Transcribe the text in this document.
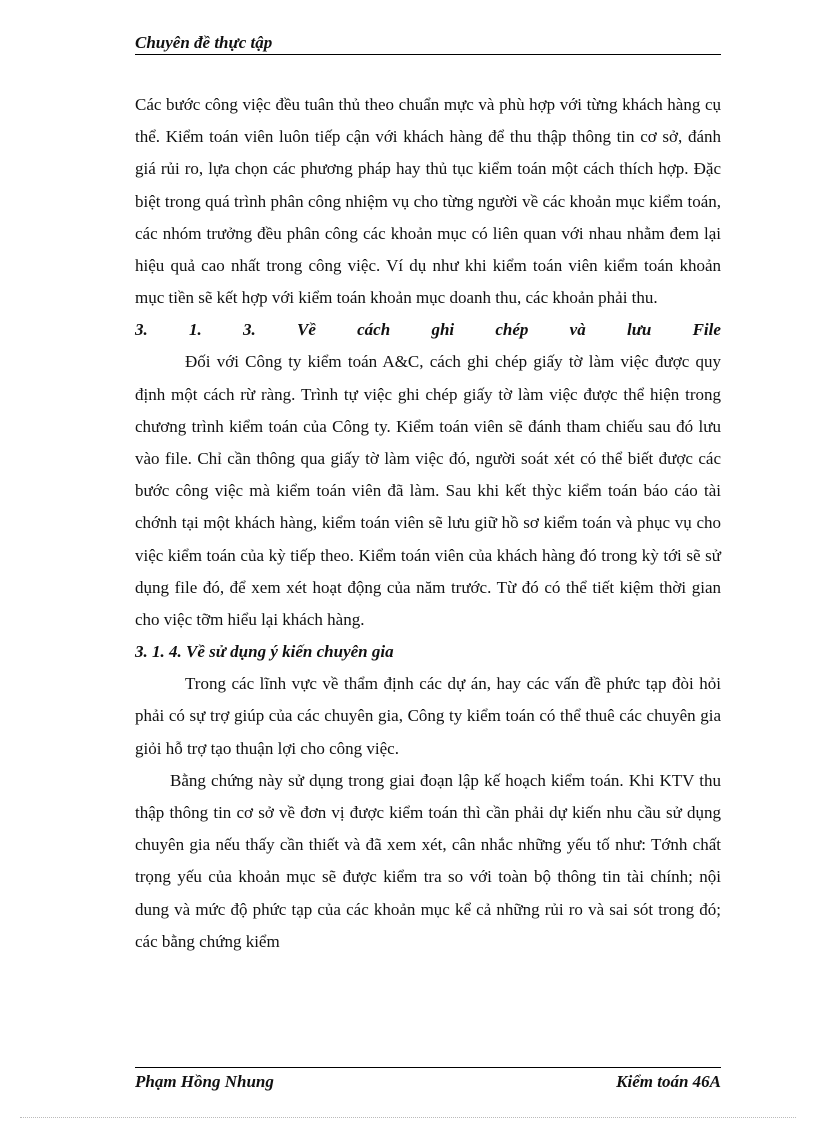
Chuyên đề thực tập

Các bước công việc đều tuân thủ theo chuẩn mực và phù hợp với từng khách hàng cụ thể. Kiểm toán viên luôn tiếp cận với khách hàng để thu thập thông tin cơ sở, đánh giá rủi ro, lựa chọn các phương pháp hay thủ tục kiểm toán một cách thích hợp. Đặc biệt trong quá trình phân công nhiệm vụ cho từng người về các khoản mục kiểm toán, các nhóm trưởng đều phân công các khoản mục có liên quan với nhau nhằm đem lại hiệu quả cao nhất trong công việc. Ví dụ như khi kiểm toán viên kiểm toán khoản mục tiền sẽ kết hợp với kiểm toán khoản mục doanh thu, các khoản phải thu.

3. 1. 3. Về cách ghi chép và lưu File

Đối với Công ty kiểm toán A&C, cách ghi chép giấy tờ làm việc được quy định một cách rừ ràng. Trình tự việc ghi chép giấy tờ làm việc được thể hiện trong chương trình kiểm toán của Công ty. Kiểm toán viên sẽ đánh tham chiếu sau đó lưu vào file. Chỉ cần thông qua giấy tờ làm việc đó, người soát xét có thể biết được các bước công việc mà kiểm toán viên đã làm. Sau khi kết thỳc kiểm toán báo cáo tài chớnh tại một khách hàng, kiểm toán viên sẽ lưu giữ hồ sơ kiểm toán và phục vụ cho việc kiểm toán của kỳ tiếp theo. Kiểm toán viên của khách hàng đó trong kỳ tới sẽ sử dụng file đó, để xem xét hoạt động của năm trước. Từ đó có thể tiết kiệm thời gian cho việc tỡm hiểu lại khách hàng.

3. 1. 4. Về sử dụng ý kiến chuyên gia

Trong các lĩnh vực về thẩm định các dự án, hay các vấn đề phức tạp đòi hỏi phải có sự trợ giúp của các chuyên gia, Công ty kiểm toán có thể thuê các chuyên gia giỏi hỗ trợ tạo thuận lợi cho công việc.

Bằng chứng này sử dụng trong giai đoạn lập kế hoạch kiểm toán. Khi KTV thu thập thông tin cơ sở về đơn vị được kiểm toán thì cần phải dự kiến nhu cầu sử dụng chuyên gia nếu thấy cần thiết và đã xem xét, cân nhắc những yếu tố như: Tớnh chất trọng yếu của khoản mục sẽ được kiểm tra so với toàn bộ thông tin tài chính; nội dung và mức độ phức tạp của các khoản mục kể cả những rủi ro và sai sót trong đó; các bằng chứng kiểm

Phạm Hồng Nhung	Kiểm toán 46A
